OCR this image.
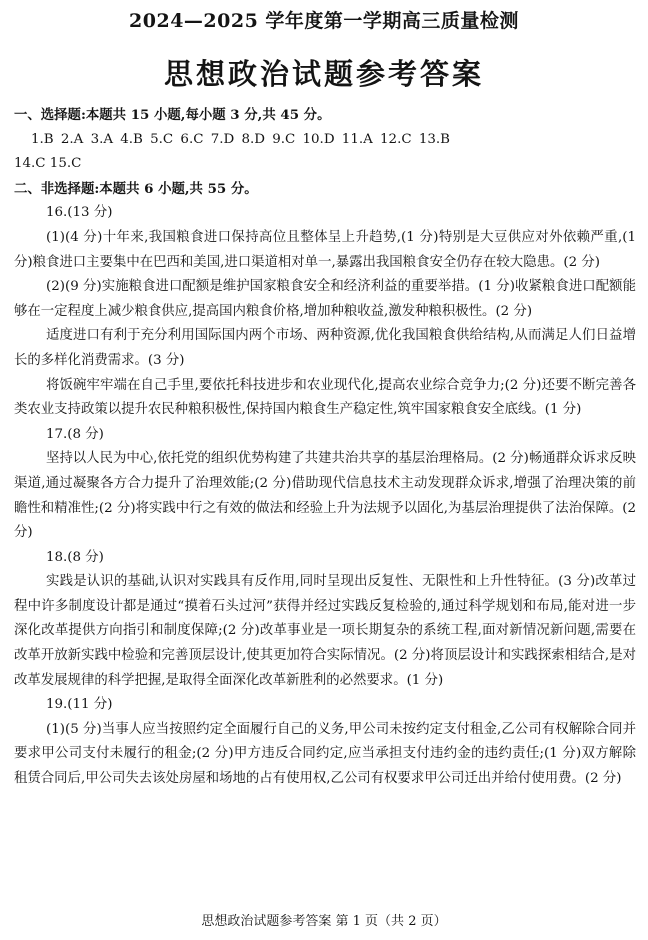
2024—2025 学年度第一学期高三质量检测
思想政治试题参考答案

一、选择题:本题共 15 小题,每小题 3 分,共 45 分。

1.B 2.A 3.A 4.B 5.C 6.C 7.D 8.D 9.C 10.D 11.A 12.C 13.B

14.C 15.C

二、非选择题:本题共 6 小题,共 55 分。

16.(13 分)

(1)(4 分)十年来,我国粮食进口保持高位且整体呈上升趋势,(1 分)特别是大豆供应对外依赖严重,(1 分)粮食进口主要集中在巴西和美国,进口渠道相对单一,暴露出我国粮食安全仍存在较大隐患。(2 分)

(2)(9 分)实施粮食进口配额是维护国家粮食安全和经济利益的重要举措。(1 分)收紧粮食进口配额能够在一定程度上减少粮食供应,提高国内粮食价格,增加种粮收益,激发种粮积极性。(2 分)

适度进口有利于充分利用国际国内两个市场、两种资源,优化我国粮食供给结构,从而满足人们日益增长的多样化消费需求。(3 分)

将饭碗牢牢端在自己手里,要依托科技进步和农业现代化,提高农业综合竞争力;(2 分)还要不断完善各类农业支持政策以提升农民种粮积极性,保持国内粮食生产稳定性,筑牢国家粮食安全底线。(1 分)

17.(8 分)

坚持以人民为中心,依托党的组织优势构建了共建共治共享的基层治理格局。(2 分)畅通群众诉求反映渠道,通过凝聚各方合力提升了治理效能;(2 分)借助现代信息技术主动发现群众诉求,增强了治理决策的前瞻性和精准性;(2 分)将实践中行之有效的做法和经验上升为法规予以固化,为基层治理提供了法治保障。(2 分)

18.(8 分)

实践是认识的基础,认识对实践具有反作用,同时呈现出反复性、无限性和上升性特征。(3 分)改革过程中许多制度设计都是通过“摸着石头过河”获得并经过实践反复检验的,通过科学规划和布局,能对进一步深化改革提供方向指引和制度保障;(2 分)改革事业是一项长期复杂的系统工程,面对新情况新问题,需要在改革开放新实践中检验和完善顶层设计,使其更加符合实际情况。(2 分)将顶层设计和实践探索相结合,是对改革发展规律的科学把握,是取得全面深化改革新胜利的必然要求。(1 分)

19.(11 分)

(1)(5 分)当事人应当按照约定全面履行自己的义务,甲公司未按约定支付租金,乙公司有权解除合同并要求甲公司支付未履行的租金;(2 分)甲方违反合同约定,应当承担支付违约金的违约责任;(1 分)双方解除租赁合同后,甲公司失去该处房屋和场地的占有使用权,乙公司有权要求甲公司迁出并给付使用费。(2 分)

思想政治试题参考答案 第 1 页（共 2 页）
